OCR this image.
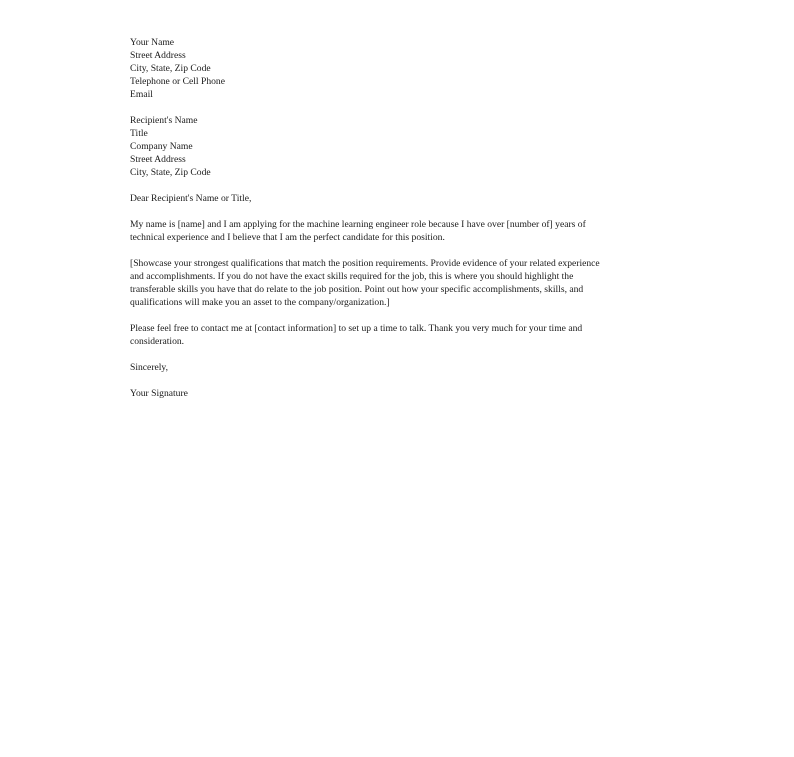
Your Name
Street Address
City, State, Zip Code
Telephone or Cell Phone
Email
Recipient's Name
Title
Company Name
Street Address
City, State, Zip Code

Dear Recipient's Name or Title,

My name is [name] and I am applying for the machine learning engineer role because I have over [number of] years of
technical experience and I believe that I am the perfect candidate for this position.

[Showcase your strongest qualifications that match the position requirements. Provide evidence of your related experience
and accomplishments. If you do not have the exact skills required for the job, this is where you should highlight the
transferable skills you have that do relate to the job position. Point out how your specific accomplishments, skills, and
qualifications will make you an asset to the company/organization.]

Please feel free to contact me at [contact information] to set up a time to talk. Thank you very much for your time and
consideration.

Sincerely,

Your Signature
